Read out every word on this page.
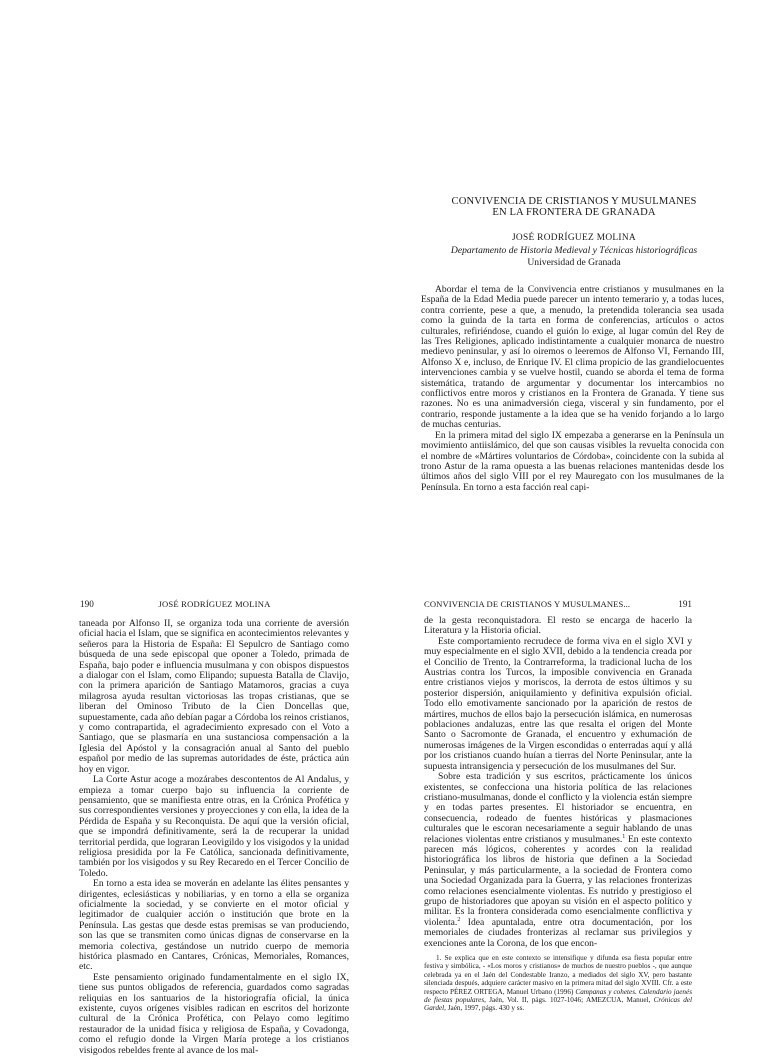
CONVIVENCIA DE CRISTIANOS Y MUSULMANES
EN LA FRONTERA DE GRANADA
JOSÉ RODRÍGUEZ MOLINA
Departamento de Historia Medieval y Técnicas historiográficas
Universidad de Granada

Abordar el tema de la Convivencia entre cristianos y musulmanes en la España de la Edad Media puede parecer un intento temerario y, a todas luces, contra corriente, pese a que, a menudo, la pretendida tolerancia sea usada como la guinda de la tarta en forma de conferencias, artículos o actos culturales, refiriéndose, cuando el guión lo exige, al lugar común del Rey de las Tres Religiones, aplicado indistintamente a cualquier monarca de nuestro medievo peninsular, y así lo oiremos o leeremos de Alfonso VI, Fernando III, Alfonso X e, incluso, de Enrique IV. El clima propicio de las grandielocuentes intervenciones cambia y se vuelve hostil, cuando se aborda el tema de forma sistemática, tratando de argumentar y documentar los intercambios no conflictivos entre moros y cristianos en la Frontera de Granada. Y tiene sus razones. No es una animadversión ciega, visceral y sin fundamento, por el contrario, responde justamente a la idea que se ha venido forjando a lo largo de muchas centurias.

En la primera mitad del siglo IX empezaba a generarse en la Península un movimiento antiislámico, del que son causas visibles la revuelta conocida con el nombre de «Mártires voluntarios de Córdoba», coincidente con la subida al trono Astur de la rama opuesta a las buenas relaciones mantenidas desde los últimos años del siglo VIII por el rey Mauregato con los musulmanes de la Península. En torno a esta facción real capi-

JOSÉ RODRÍGUEZ MOLINA
190

taneada por Alfonso II, se organiza toda una corriente de aversión oficial hacia el Islam, que se significa en acontecimientos relevantes y señeros para la Historia de España: El Sepulcro de Santiago como búsqueda de una sede episcopal que oponer a Toledo, primada de España, bajo poder e influencia musulmana y con obispos dispuestos a dialogar con el Islam, como Elipando; supuesta Batalla de Clavijo, con la primera aparición de Santiago Matamoros, gracias a cuya milagrosa ayuda resultan victoriosas las tropas cristianas, que se liberan del Ominoso Tributo de la Cien Doncellas que, supuestamente, cada año debían pagar a Córdoba los reinos cristianos, y como contrapartida, el agradecimiento expresado con el Voto a Santiago, que se plasmaría en una sustanciosa compensación a la Iglesia del Apóstol y la consagración anual al Santo del pueblo español por medio de las supremas autoridades de éste, práctica aún hoy en vigor.

La Corte Astur acoge a mozárabes descontentos de Al Andalus, y empieza a tomar cuerpo bajo su influencia la corriente de pensamiento, que se manifiesta entre otras, en la Crónica Profética y sus correspondientes versiones y proyecciones y con ella, la idea de la Pérdida de España y su Reconquista. De aquí que la versión oficial, que se impondrá definitivamente, será la de recuperar la unidad territorial perdida, que lograran Leovigildo y los visigodos y la unidad religiosa presidida por la Fe Católica, sancionada definitivamente, también por los visigodos y su Rey Recaredo en el Tercer Concilio de Toledo.

En torno a esta idea se moverán en adelante las élites pensantes y dirigentes, eclesiásticas y nobiliarias, y en torno a ella se organiza oficialmente la sociedad, y se convierte en el motor oficial y legitimador de cualquier acción o institución que brote en la Península. Las gestas que desde estas premisas se van produciendo, son las que se transmiten como únicas dignas de conservarse en la memoria colectiva, gestándose un nutrido cuerpo de memoria histórica plasmado en Cantares, Crónicas, Memoriales, Romances, etc.

Este pensamiento originado fundamentalmente en el siglo IX, tiene sus puntos obligados de referencia, guardados como sagradas reliquias en los santuarios de la historiografía oficial, la única existente, cuyos orígenes visibles radican en escritos del horizonte cultural de la Crónica Profética, con Pelayo como legítimo restaurador de la unidad física y religiosa de España, y Covadonga, como el refugio donde la Virgen María protege a los cristianos visigodos rebeldes frente al avance de los mal-

CONVIVENCIA DE CRISTIANOS Y MUSULMANES...	191

de la gesta reconquistadora. El resto se encarga de hacerlo la Literatura y la Historia oficial.

Este comportamiento recrudece de forma viva en el siglo XVI y muy especialmente en el siglo XVII, debido a la tendencia creada por el Concilio de Trento, la Contrarreforma, la tradicional lucha de los Austrias contra los Turcos, la imposible convivencia en Granada entre cristianos viejos y moriscos, la derrota de estos últimos y su posterior dispersión, aniquilamiento y definitiva expulsión oficial. Todo ello emotivamente sancionado por la aparición de restos de mártires, muchos de ellos bajo la persecución islámica, en numerosas poblaciones andaluzas, entre las que resalta el origen del Monte Santo o Sacromonte de Granada, el encuentro y exhumación de numerosas imágenes de la Virgen escondidas o enterradas aquí y allá por los cristianos cuando huían a tierras del Norte Peninsular, ante la supuesta intransigencia y persecución de los musulmanes del Sur.

Sobre esta tradición y sus escritos, prácticamente los únicos existentes, se confecciona una historia política de las relaciones cristiano-musulmanas, donde el conflicto y la violencia están siempre y en todas partes presentes. El historiador se encuentra, en consecuencia, rodeado de fuentes históricas y plasmaciones culturales que le escoran necesariamente a seguir hablando de unas relaciones violentas entre cristianos y musulmanes.$^1$ En este contexto parecen más lógicos, coherentes y acordes con la realidad historiográfica los libros de historia que definen a la Sociedad Peninsular, y más particularmente, a la sociedad de Frontera como una Sociedad Organizada para la Guerra, y las relaciones fronterizas como relaciones esencialmente violentas. Es nutrido y prestigioso el grupo de historiadores que apoyan su visión en el aspecto político y militar. Es la frontera considerada como esencialmente conflictiva y violenta.$^2$ Idea apuntalada, entre otra documentación, por los memoriales de ciudades fronterizas al reclamar sus privilegios y exenciones ante la Corona, de los que encon-

1. Se explica que en este contexto se intensifique y difunda esa fiesta popular entre festiva y simbólica, - «Los moros y cristianos» de muchos de nuestro pueblos -, que aunque celebrada ya en el Jaén del Condestable Iranzo, a mediados del siglo XV, pero bastante silenciada después, adquiere carácter masivo en la primera mitad del siglo XVIII. Cfr. a este respecto PÉREZ ORTEGA, Manuel Urbano (1996) Campanas y cohetes. Calendario jaenés de fiestas populares, Jaén, Vol. II, págs. 1027-1046; AMEZCUA, Manuel, Crónicas del Gardel, Jaén, 1997, págs. 430 y ss.
